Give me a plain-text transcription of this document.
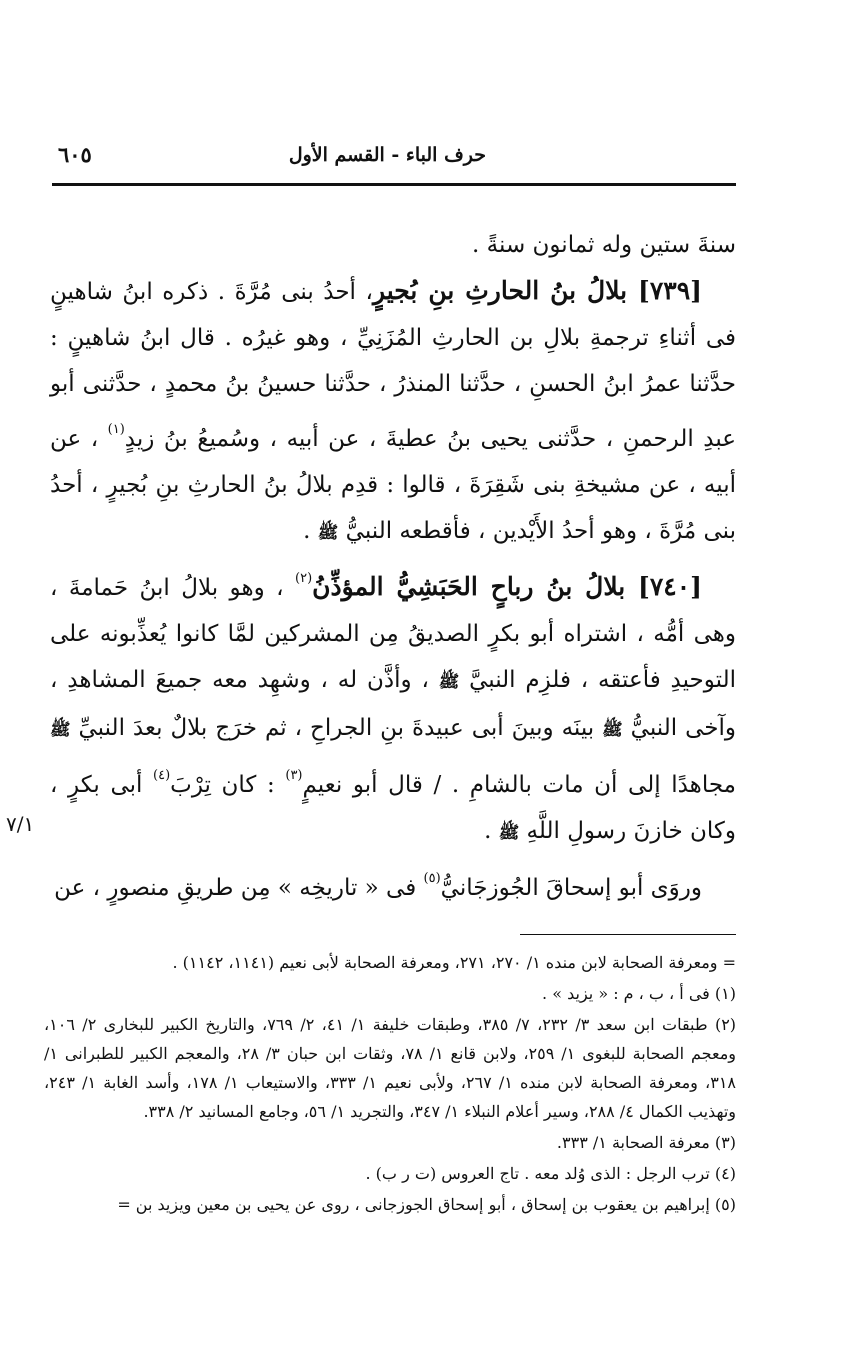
حرف الباء - القسم الأول
٦٠٥
٧/١

سنةَ ستين وله ثمانون سنةً .

[٧٣٩] بلالُ بنُ الحارثِ بنِ بُجيرٍ، أحدُ بنى مُرَّةَ . ذكره ابنُ شاهينٍ فى أثناءِ ترجمةِ بلالِ بن الحارثِ المُزَنِيِّ ، وهو غيرُه . قال ابنُ شاهينٍ : حدَّثنا عمرُ ابنُ الحسنِ ، حدَّثنا المنذرُ ، حدَّثنا حسينُ بنُ محمدٍ ، حدَّثنى أبو عبدِ الرحمنِ ، حدَّثنى يحيى بنُ عطيةَ ، عن أبيه ، وسُميعُ بنُ زيدٍ$^{(١)}$ ، عن أبيه ، عن مشيخةِ بنى شَقِرَةَ ، قالوا : قدِم بلالُ بنُ الحارثِ بنِ بُجيرٍ ، أحدُ بنى مُرَّةَ ، وهو أحدُ الأَيْدين ، فأقطعه النبيُّ ﷺ .

[٧٤٠] بلالُ بنُ رباحٍ الحَبَشِيُّ المؤذِّنُ$^{(٢)}$ ، وهو بلالُ ابنُ حَمامةَ ، وهى أمُّه ، اشتراه أبو بكرٍ الصديقُ مِن المشركين لمَّا كانوا يُعذِّبونه على التوحيدِ فأعتقه ، فلزِم النبيَّ ﷺ ، وأذَّن له ، وشهِد معه جميعَ المشاهدِ ، وآخى النبيُّ ﷺ بينَه وبينَ أبى عبيدةَ بنِ الجراحِ ، ثم خرَج بلالٌ بعدَ النبيِّ ﷺ مجاهدًا إلى أن مات بالشامِ . / قال أبو نعيمٍ$^{(٣)}$ : كان تِرْبَ$^{(٤)}$ أبى بكرٍ ، وكان خازنَ رسولِ اللَّهِ ﷺ .

وروَى أبو إسحاقَ الجُوزجَانيُّ$^{(٥)}$ فى « تاريخِه » مِن طريقِ منصورٍ ، عن

= ومعرفة الصحابة لابن منده ١/ ٢٧٠، ٢٧١، ومعرفة الصحابة لأبى نعيم (١١٤١، ١١٤٢) .

(١) فى أ ، ب ، م : « يزيد » .

(٢) طبقات ابن سعد ٣/ ٢٣٢، ٧/ ٣٨٥، وطبقات خليفة ١/ ٤١، ٢/ ٧٦٩، والتاريخ الكبير للبخارى ٢/ ١٠٦، ومعجم الصحابة للبغوى ١/ ٢٥٩، ولابن قانع ١/ ٧٨، وثقات ابن حبان ٣/ ٢٨، والمعجم الكبير للطبرانى ١/ ٣١٨، ومعرفة الصحابة لابن منده ١/ ٢٦٧، ولأبى نعيم ١/ ٣٣٣، والاستيعاب ١/ ١٧٨، وأسد الغابة ١/ ٢٤٣، وتهذيب الكمال ٤/ ٢٨٨، وسير أعلام النبلاء ١/ ٣٤٧، والتجريد ١/ ٥٦، وجامع المسانيد ٢/ ٣٣٨.

(٣) معرفة الصحابة ١/ ٣٣٣.

(٤) ترب الرجل : الذى وُلد معه . تاج العروس (ت ر ب) .

(٥) إبراهيم بن يعقوب بن إسحاق ، أبو إسحاق الجوزجانى ، روى عن يحيى بن معين ويزيد بن =
